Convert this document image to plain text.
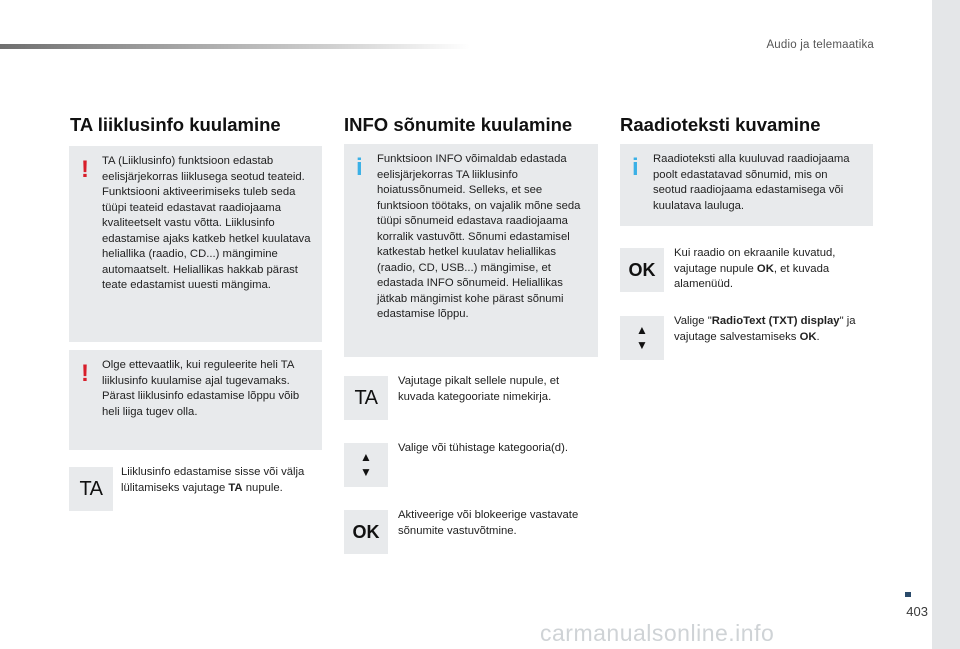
Audio ja telemaatika
403
carmanualsonline.info
TA liiklusinfo kuulamine
! TA (Liiklusinfo) funktsioon edastab eelisjärjekorras liiklusega seotud teateid. Funktsiooni aktiveerimiseks tuleb seda tüüpi teateid edastavat raadiojaama kvaliteetselt vastu võtta. Liiklusinfo edastamise ajaks katkeb hetkel kuulatava heliallika (raadio, CD...) mängimine automaatselt. Heliallikas hakkab pärast teate edastamist uuesti mängima.
! Olge ettevaatlik, kui reguleerite heli TA liiklusinfo kuulamise ajal tugevamaks. Pärast liiklusinfo edastamise lõppu võib heli liiga tugev olla.
TA
Liiklusinfo edastamise sisse või välja lülitamiseks vajutage TA nupule.
INFO sõnumite kuulamine
i Funktsioon INFO võimaldab edastada eelisjärjekorras TA liiklusinfo hoiatussõnumeid. Selleks, et see funktsioon töötaks, on vajalik mõne seda tüüpi sõnumeid edastava raadiojaama korralik vastuvõtt. Sõnumi edastamisel katkestab hetkel kuulatav heliallikas (raadio, CD, USB...) mängimise, et edastada INFO sõnumeid. Heliallikas jätkab mängimist kohe pärast sõnumi edastamise lõppu.
TA
Vajutage pikalt sellele nupule, et kuvada kategooriate nimekirja.
▲
▼
Valige või tühistage kategooria(d).
OK
Aktiveerige või blokeerige vastavate sõnumite vastuvõtmine.
Raadioteksti kuvamine
i Raadioteksti alla kuuluvad raadiojaama poolt edastatavad sõnumid, mis on seotud raadiojaama edastamisega või kuulatava lauluga.
OK
Kui raadio on ekraanile kuvatud, vajutage nupule OK, et kuvada alamenüüd.
▲
▼
Valige "RadioText (TXT) display" ja vajutage salvestamiseks OK.
